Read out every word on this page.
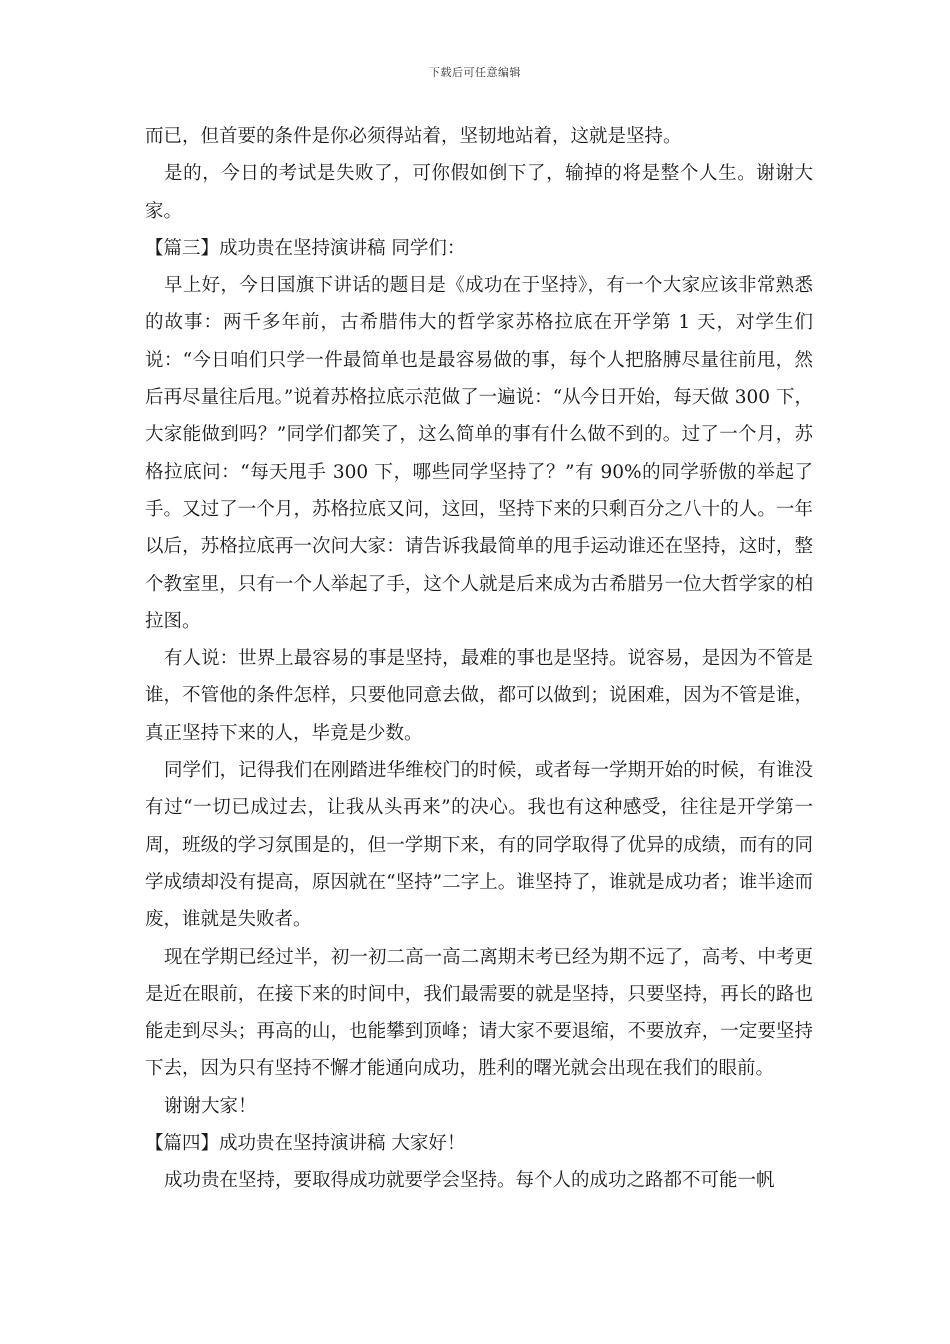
下载后可任意编辑

而已，但首要的条件是你必须得站着，坚韧地站着，这就是坚持。

是的，今日的考试是失败了，可你假如倒下了，输掉的将是整个人生。谢谢大家。

【篇三】成功贵在坚持演讲稿 同学们：

早上好，今日国旗下讲话的题目是《成功在于坚持》，有一个大家应该非常熟悉的故事：两千多年前，古希腊伟大的哲学家苏格拉底在开学第 1 天，对学生们说：“今日咱们只学一件最简单也是最容易做的事，每个人把胳膊尽量往前甩，然后再尽量往后甩。”说着苏格拉底示范做了一遍说：“从今日开始，每天做 300 下，大家能做到吗？”同学们都笑了，这么简单的事有什么做不到的。过了一个月，苏格拉底问：“每天甩手 300 下，哪些同学坚持了？”有 90%的同学骄傲的举起了手。又过了一个月，苏格拉底又问，这回，坚持下来的只剩百分之八十的人。一年以后，苏格拉底再一次问大家：请告诉我最简单的甩手运动谁还在坚持，这时，整个教室里，只有一个人举起了手，这个人就是后来成为古希腊另一位大哲学家的柏拉图。

有人说：世界上最容易的事是坚持，最难的事也是坚持。说容易，是因为不管是谁，不管他的条件怎样，只要他同意去做，都可以做到；说困难，因为不管是谁，真正坚持下来的人，毕竟是少数。

同学们，记得我们在刚踏进华维校门的时候，或者每一学期开始的时候，有谁没有过“一切已成过去，让我从头再来”的决心。我也有这种感受，往往是开学第一周，班级的学习氛围是的，但一学期下来，有的同学取得了优异的成绩，而有的同学成绩却没有提高，原因就在“坚持”二字上。谁坚持了，谁就是成功者；谁半途而废，谁就是失败者。

现在学期已经过半，初一初二高一高二离期末考已经为期不远了，高考、中考更是近在眼前，在接下来的时间中，我们最需要的就是坚持，只要坚持，再长的路也能走到尽头；再高的山，也能攀到顶峰；请大家不要退缩，不要放弃，一定要坚持下去，因为只有坚持不懈才能通向成功，胜利的曙光就会出现在我们的眼前。

谢谢大家！

【篇四】成功贵在坚持演讲稿 大家好！

成功贵在坚持，要取得成功就要学会坚持。每个人的成功之路都不可能一帆
